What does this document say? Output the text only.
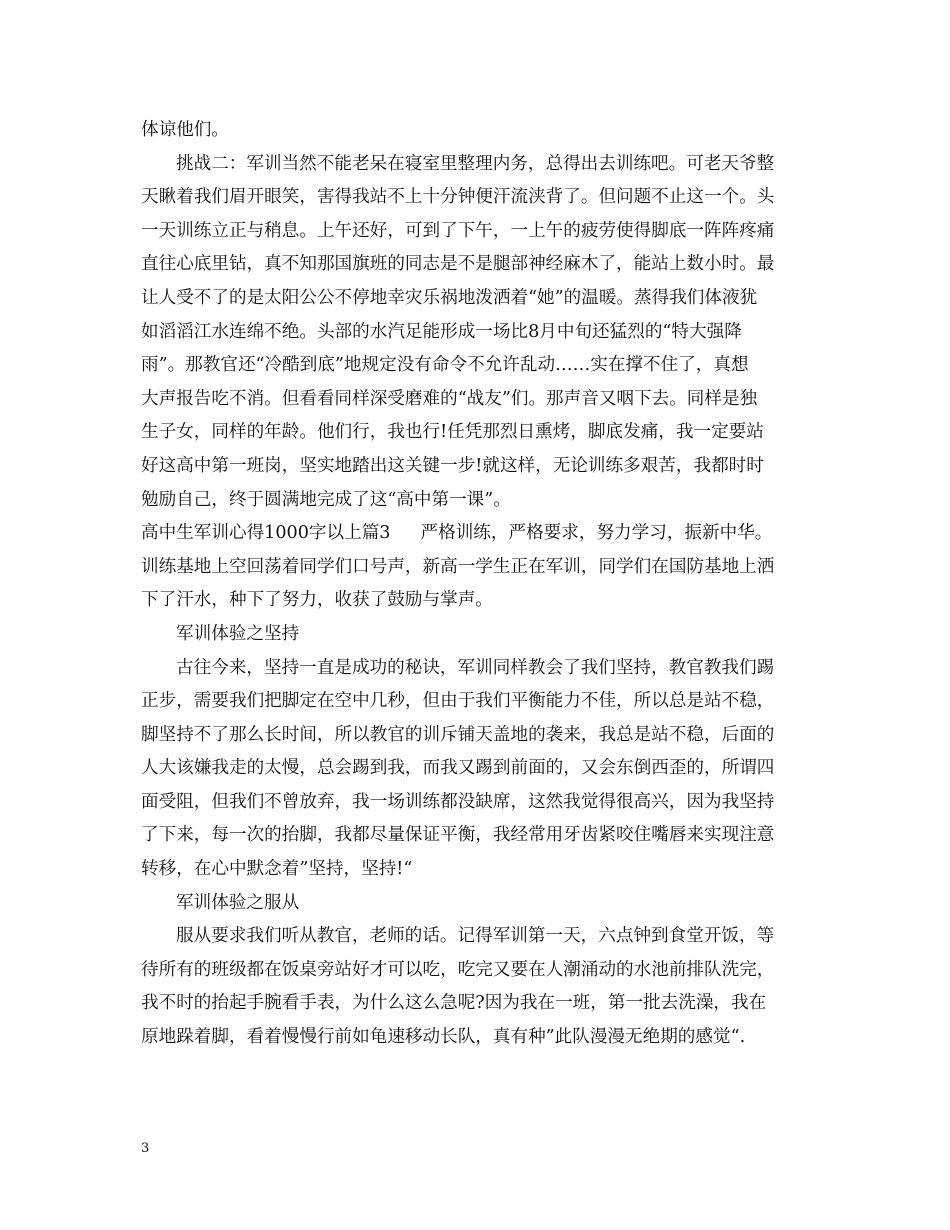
体谅他们。
挑战二：军训当然不能老呆在寝室里整理内务，总得出去训练吧。可老天爷整
天瞅着我们眉开眼笑，害得我站不上十分钟便汗流浃背了。但问题不止这一个。头
一天训练立正与稍息。上午还好，可到了下午，一上午的疲劳使得脚底一阵阵疼痛
直往心底里钻，真不知那国旗班的同志是不是腿部神经麻木了，能站上数小时。最
让人受不了的是太阳公公不停地幸灾乐祸地泼洒着“她”的温暖。蒸得我们体液犹
如滔滔江水连绵不绝。头部的水汽足能形成一场比8月中旬还猛烈的“特大强降
雨”。那教官还“冷酷到底”地规定没有命令不允许乱动……实在撑不住了，真想
大声报告吃不消。但看看同样深受磨难的“战友”们。那声音又咽下去。同样是独
生子女，同样的年龄。他们行，我也行!任凭那烈日熏烤，脚底发痛，我一定要站
好这高中第一班岗，坚实地踏出这关键一步!就这样，无论训练多艰苦，我都时时
勉励自己，终于圆满地完成了这“高中第一课”。
高中生军训心得1000字以上篇3 严格训练，严格要求，努力学习，振新中华。
训练基地上空回荡着同学们口号声，新高一学生正在军训，同学们在国防基地上洒
下了汗水，种下了努力，收获了鼓励与掌声。
军训体验之坚持
古往今来，坚持一直是成功的秘诀，军训同样教会了我们坚持，教官教我们踢
正步，需要我们把脚定在空中几秒，但由于我们平衡能力不佳，所以总是站不稳，
脚坚持不了那么长时间，所以教官的训斥铺天盖地的袭来，我总是站不稳，后面的
人大该嫌我走的太慢，总会踢到我，而我又踢到前面的，又会东倒西歪的，所谓四
面受阻，但我们不曾放弃，我一场训练都没缺席，这然我觉得很高兴，因为我坚持
了下来，每一次的抬脚，我都尽量保证平衡，我经常用牙齿紧咬住嘴唇来实现注意
转移，在心中默念着”坚持，坚持!“
军训体验之服从
服从要求我们听从教官，老师的话。记得军训第一天，六点钟到食堂开饭，等
待所有的班级都在饭桌旁站好才可以吃，吃完又要在人潮涌动的水池前排队洗完，
我不时的抬起手腕看手表，为什么这么急呢?因为我在一班，第一批去洗澡，我在
原地跺着脚，看着慢慢行前如龟速移动长队，真有种”此队漫漫无绝期的感觉“.
3
